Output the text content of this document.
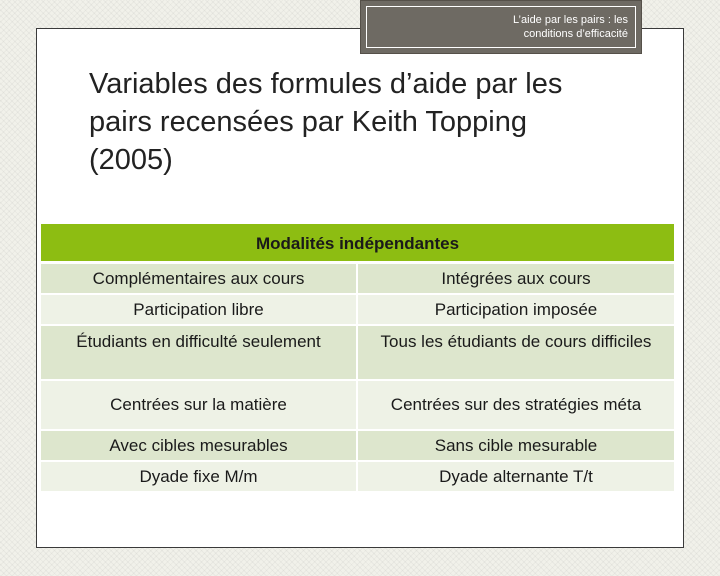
L’aide par les pairs : les
conditions d’efficacité
Variables des formules d’aide par les
pairs recensées par Keith Topping
(2005)
Modalités indépendantes	
Complémentaires aux cours	Intégrées aux cours
Participation libre	Participation imposée
Étudiants en difficulté seulement	Tous les étudiants de cours difficiles
Centrées sur la matière	Centrées sur des stratégies méta
Avec cibles mesurables	Sans cible mesurable
Dyade fixe M/m	Dyade alternante T/t
